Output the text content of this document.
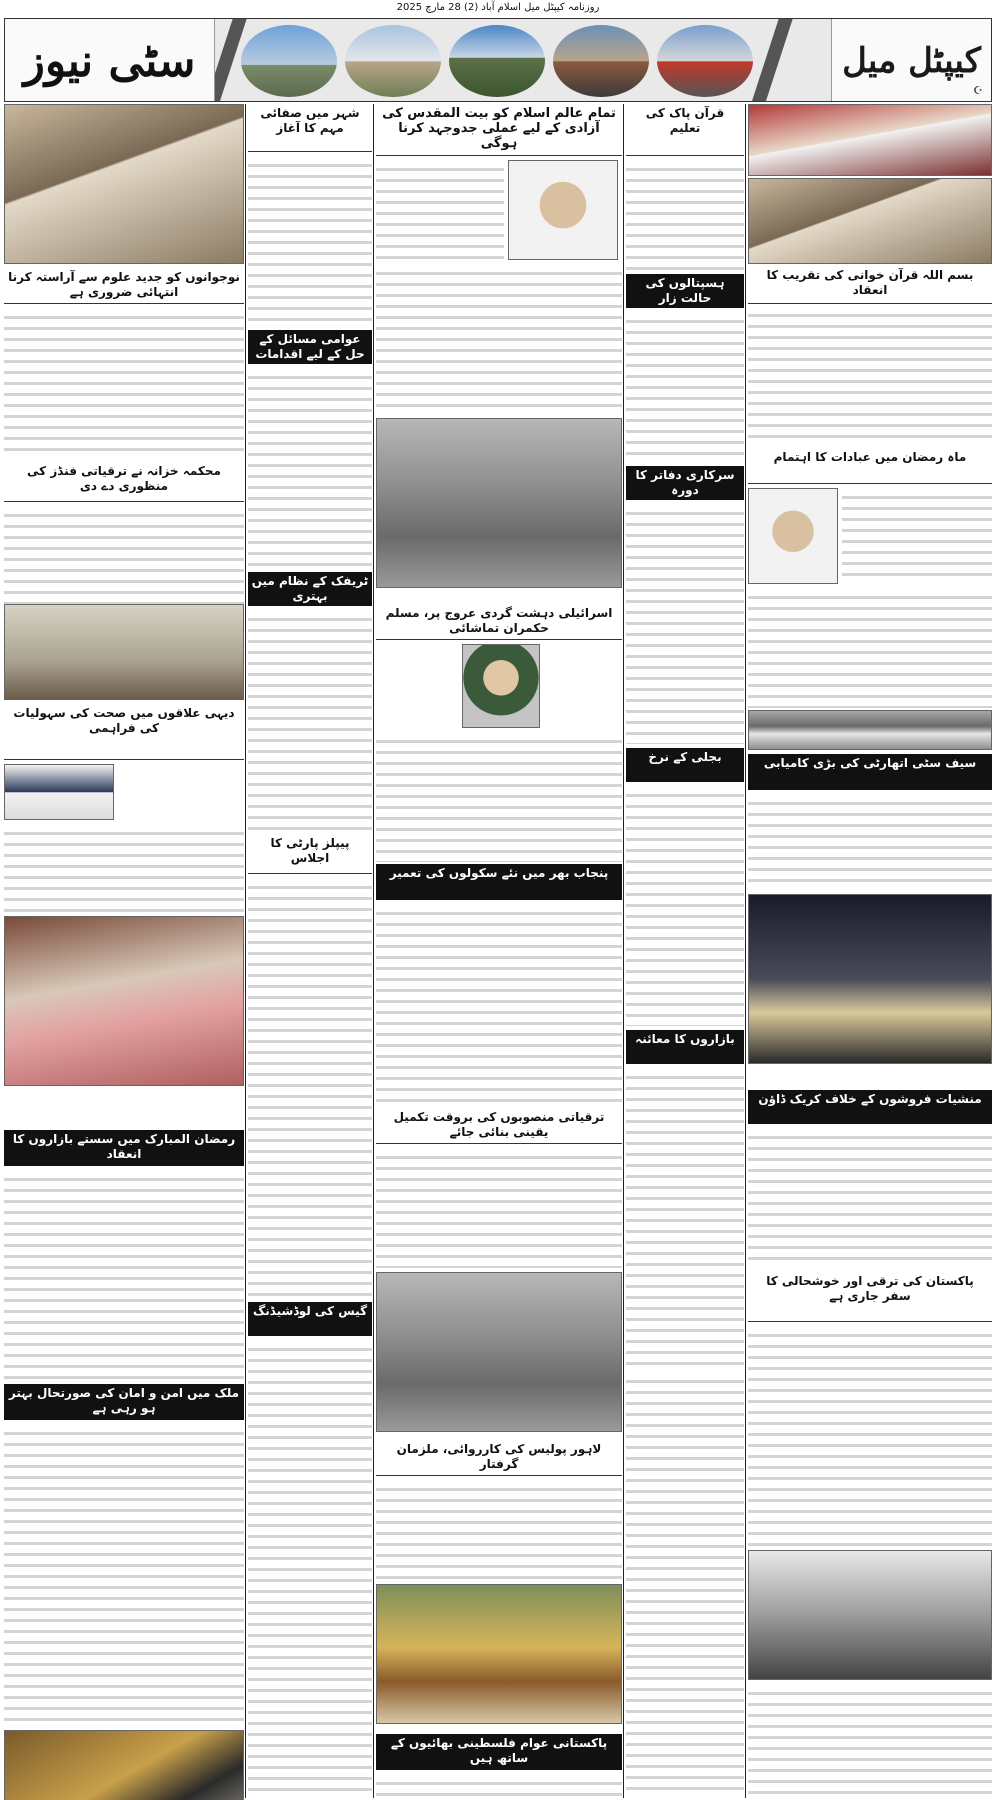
روزنامہ کیپٹل میل اسلام آباد (2) 28 مارچ 2025
کیپٹل میل
☪
سٹی نیوز
بسم اللہ قرآن خوانی کی تقریب کا انعقاد
ماہ رمضان میں عبادات کا اہتمام
سیف سٹی اتھارٹی کی بڑی کامیابی
منشیات فروشوں کے خلاف کریک ڈاؤن
پاکستان کی ترقی اور خوشحالی کا سفر جاری ہے
قرآن پاک کی تعلیم
ہسپتالوں کی حالت زار
سرکاری دفاتر کا دورہ
بجلی کے نرخ
بازاروں کا معائنہ
تمام عالم اسلام کو بیت المقدس کی آزادی کے لیے عملی جدوجہد کرنا ہوگی
اسرائیلی دہشت گردی عروج پر، مسلم حکمران تماشائی
پنجاب بھر میں نئے سکولوں کی تعمیر
ترقیاتی منصوبوں کی بروقت تکمیل یقینی بنائی جائے
لاہور پولیس کی کارروائی، ملزمان گرفتار
پاکستانی عوام فلسطینی بھائیوں کے ساتھ ہیں
شہر میں صفائی مہم کا آغاز
عوامی مسائل کے حل کے لیے اقدامات
ٹریفک کے نظام میں بہتری
پیپلز پارٹی کا اجلاس
گیس کی لوڈشیڈنگ
نوجوانوں کو جدید علوم سے آراستہ کرنا انتہائی ضروری ہے
محکمہ خزانہ نے ترقیاتی فنڈز کی منظوری دے دی
دیہی علاقوں میں صحت کی سہولیات کی فراہمی
رمضان المبارک میں سستے بازاروں کا انعقاد
ملک میں امن و امان کی صورتحال بہتر ہو رہی ہے
